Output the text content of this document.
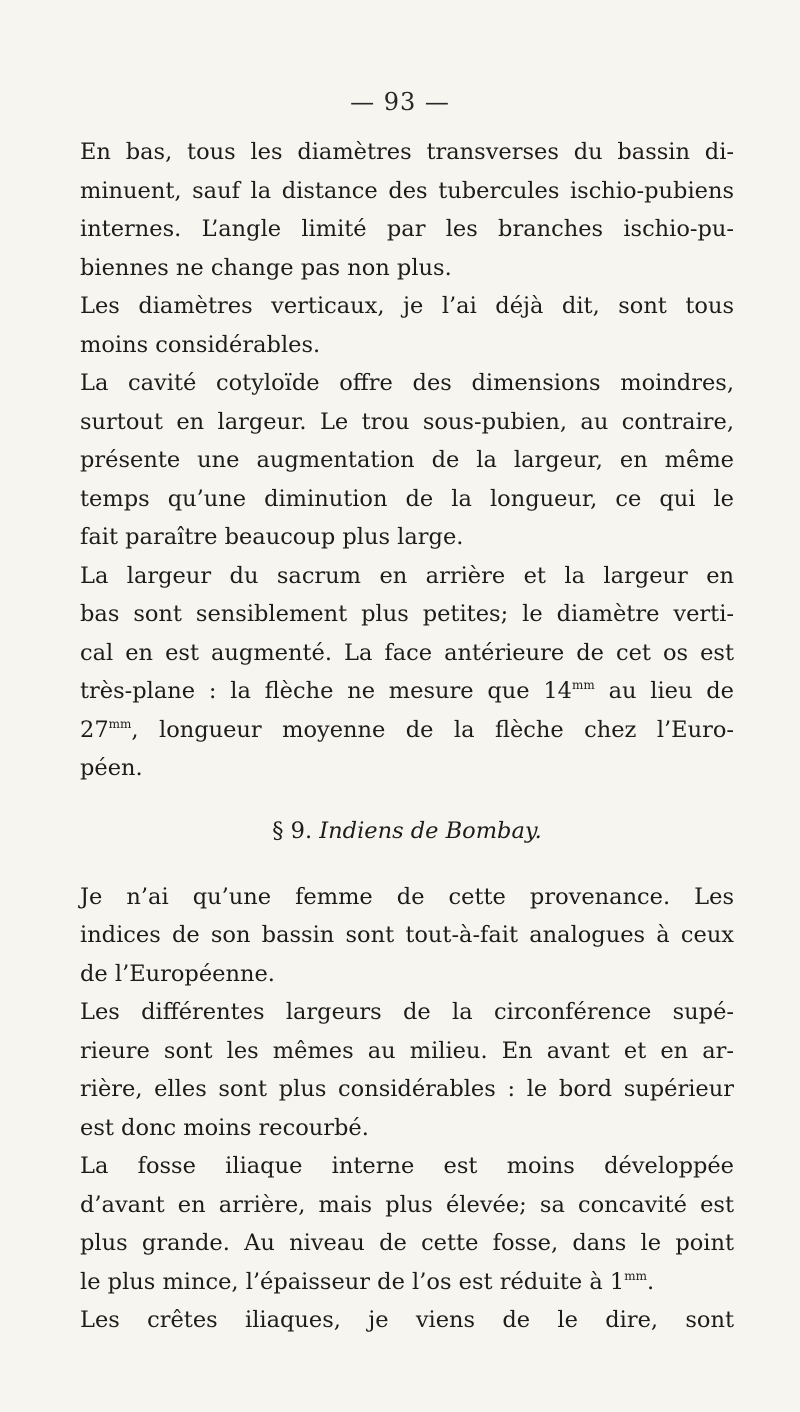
— 93 —
En bas, tous les diamètres transverses du bassin di-
minuent, sauf la distance des tubercules ischio-pubiens
internes. L’angle limité par les branches ischio-pu-
biennes ne change pas non plus.
Les diamètres verticaux, je l’ai déjà dit, sont tous
moins considérables.
La cavité cotyloïde offre des dimensions moindres,
surtout en largeur. Le trou sous-pubien, au contraire,
présente une augmentation de la largeur, en même
temps qu’une diminution de la longueur, ce qui le
fait paraître beaucoup plus large.
La largeur du sacrum en arrière et la largeur en
bas sont sensiblement plus petites; le diamètre verti-
cal en est augmenté. La face antérieure de cet os est
très-plane : la flèche ne mesure que $14^{mm}$ au lieu de
$27^{mm}$, longueur moyenne de la flèche chez l’Euro-
péen.
§ 9. Indiens de Bombay.
Je n’ai qu’une femme de cette provenance. Les
indices de son bassin sont tout-à-fait analogues à ceux
de l’Européenne.
Les différentes largeurs de la circonférence supé-
rieure sont les mêmes au milieu. En avant et en ar-
rière, elles sont plus considérables : le bord supérieur
est donc moins recourbé.
La fosse iliaque interne est moins développée
d’avant en arrière, mais plus élevée; sa concavité est
plus grande. Au niveau de cette fosse, dans le point
le plus mince, l’épaisseur de l’os est réduite à $1^{mm}$.
Les crêtes iliaques, je viens de le dire, sont
